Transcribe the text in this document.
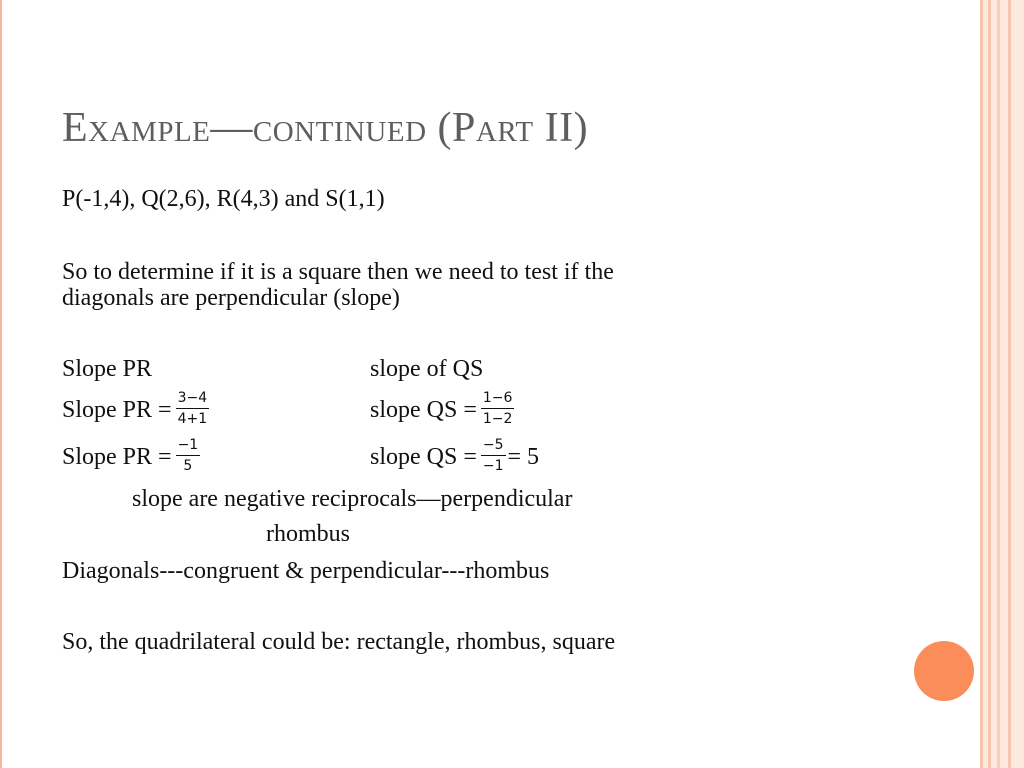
Example—continued (Part II)
P(-1,4), Q(2,6), R(4,3) and S(1,1)
So to determine if it is a square then we need to test if the
diagonals are perpendicular (slope)
Slope PR	slope of QS
Slope PR = $\frac{3-4}{4+1}$	slope QS = $\frac{1-6}{1-2}$
Slope PR = $\frac{-1}{5}$	slope QS = $\frac{-5}{-1} = 5$
slope are negative reciprocals—perpendicular
rhombus
Diagonals---congruent & perpendicular---rhombus
So, the quadrilateral could be: rectangle, rhombus, square
